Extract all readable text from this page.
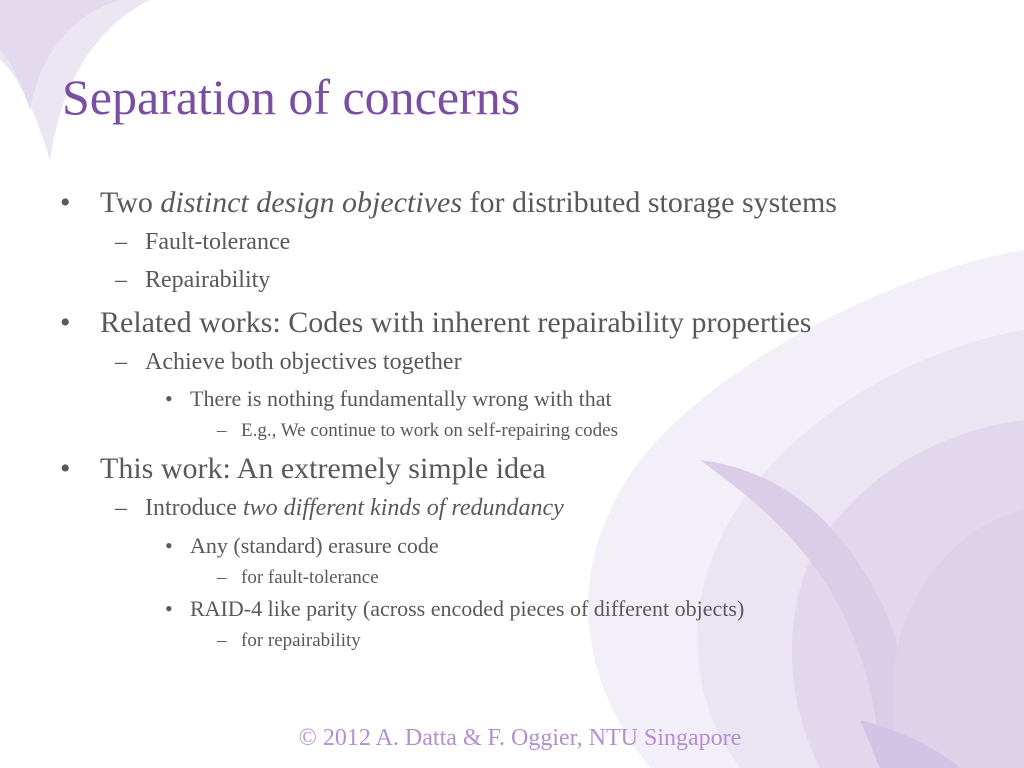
Separation of concerns
• Two distinct design objectives for distributed storage systems
– Fault-tolerance
– Repairability
• Related works: Codes with inherent repairability properties
– Achieve both objectives together
• There is nothing fundamentally wrong with that
– E.g., We continue to work on self-repairing codes
• This work: An extremely simple idea
– Introduce two different kinds of redundancy
• Any (standard) erasure code
– for fault-tolerance
• RAID-4 like parity (across encoded pieces of different objects)
– for repairability
© 2012 A. Datta & F. Oggier, NTU Singapore
